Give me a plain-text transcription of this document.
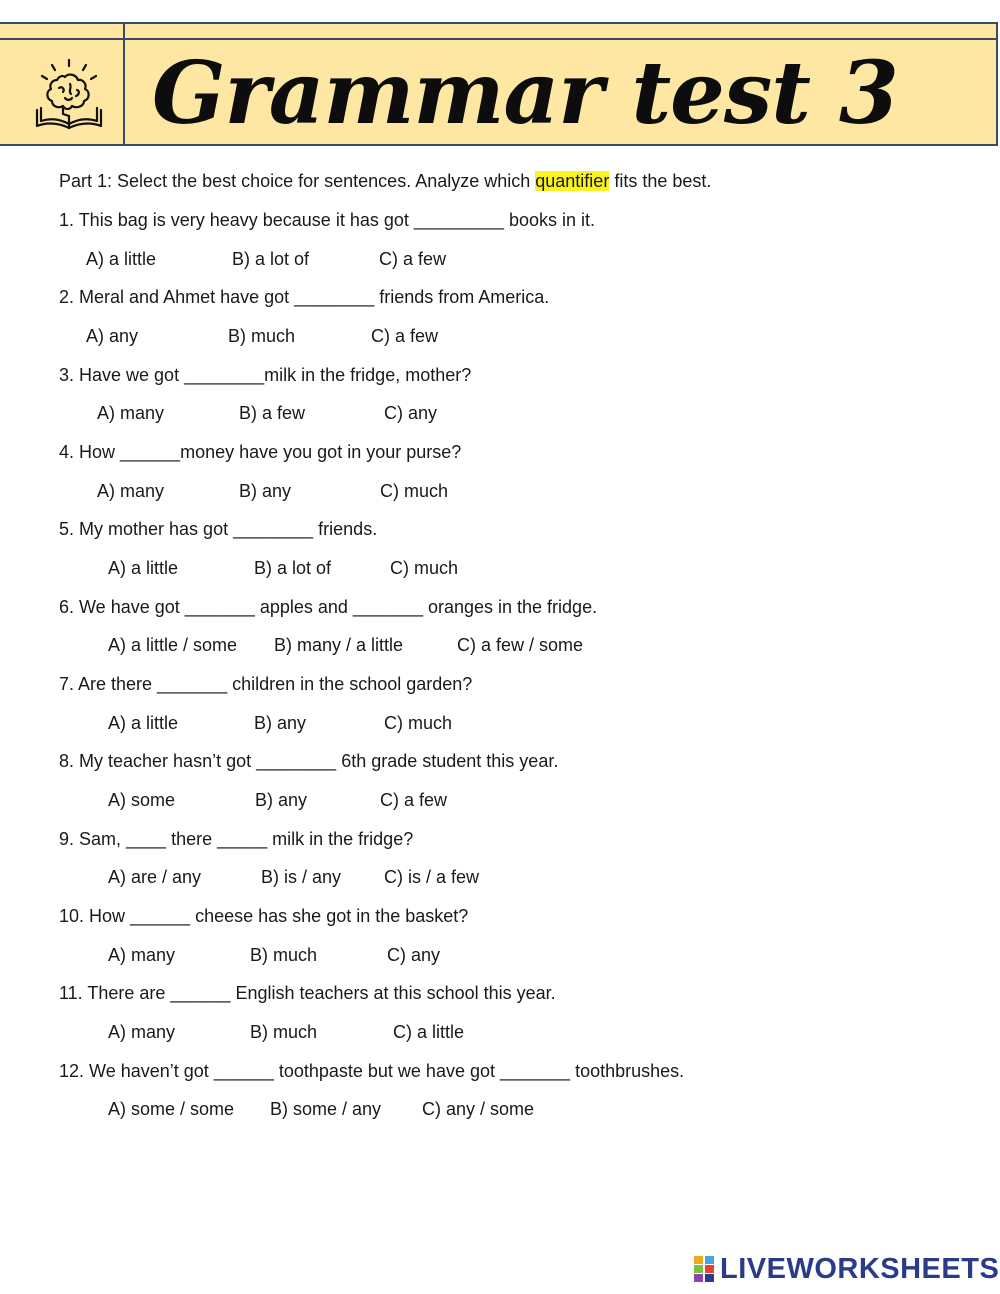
Grammar test 3
Part 1: Select the best choice for sentences. Analyze which quantifier fits the best.
1. This bag is very heavy because it has got _________ books in it.
A) a little	B) a lot of	C) a few
2. Meral and Ahmet have got ________ friends from America.
A) any	B) much	C) a few
3. Have we got ________milk in the fridge, mother?
A) many	B) a few	C) any
4. How ______money have you got in your purse?
A) many	B) any	C) much
5. My mother has got ________ friends.
A) a little	B) a lot of	C) much
6. We have got _______ apples and _______ oranges in the fridge.
A) a little / some B) many / a little	C) a few / some
7. Are there _______ children in the school garden?
A) a little	B) any	C) much
8. My teacher hasn’t got ________ 6th grade student this year.
A) some	B) any	C) a few
9. Sam, ____ there _____ milk in the fridge?
A) are / any	B) is / any C) is / a few
10. How ______ cheese has she got in the basket?
A) many	B) much	C) any
11. There are ______ English teachers at this school this year.
A) many	B) much	C) a little
12. We haven’t got ______ toothpaste but we have got _______ toothbrushes.
A) some / some B) some / any C) any / some
LIVEWORKSHEETS
